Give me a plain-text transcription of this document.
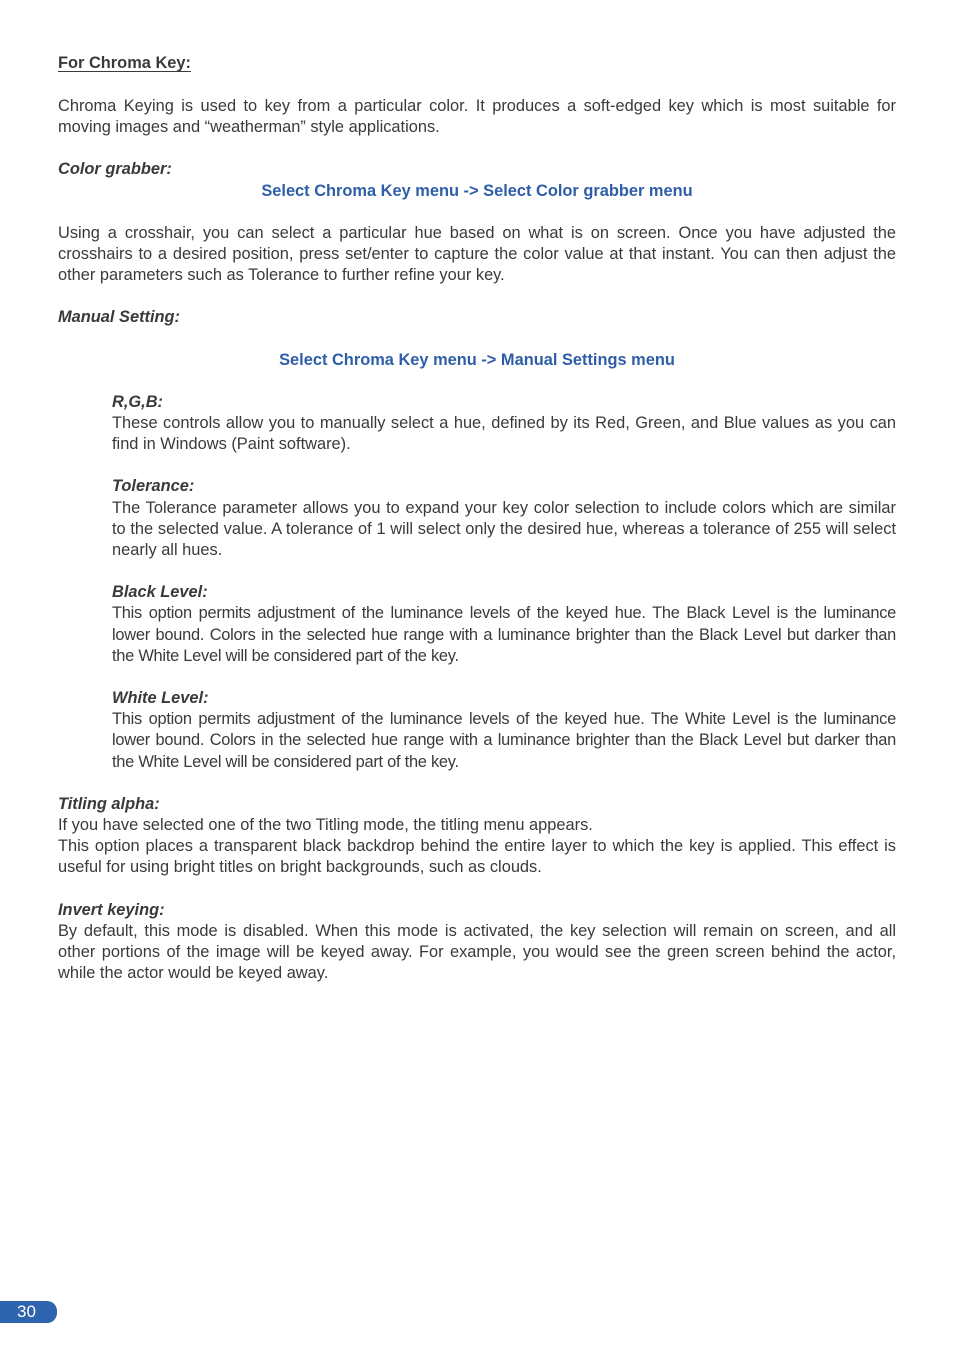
For Chroma Key:

Chroma Keying is used to key from a particular color. It produces a soft-edged key which is most suitable for moving images and “weatherman” style applications.

Color grabber:
Select Chroma Key menu -> Select Color grabber menu

Using a crosshair, you can select a particular hue based on what is on screen. Once you have adjusted the crosshairs to a desired position, press set/enter to capture the color value at that instant. You can then adjust the other parameters such as Tolerance to further refine your key.

Manual Setting:
Select Chroma Key menu -> Manual Settings menu
R,G,B:

These controls allow you to manually select a hue, defined by its Red, Green, and Blue values as you can find in Windows (Paint software).

Tolerance:

The Tolerance parameter allows you to expand your key color selection to include colors which are similar to the selected value. A tolerance of 1 will select only the desired hue, whereas a tolerance of 255 will select nearly all hues.

Black Level:

This option permits adjustment of the luminance levels of the keyed hue. The Black Level is the luminance lower bound. Colors in the selected hue range with a luminance brighter than the Black Level but darker than the White Level will be considered part of the key.

White Level:

This option permits adjustment of the luminance levels of the keyed hue. The White Level is the luminance lower bound. Colors in the selected hue range with a luminance brighter than the Black Level but darker than the White Level will be considered part of the key.

Titling alpha:

If you have selected one of the two Titling mode, the titling menu appears.

This option places a transparent black backdrop behind the entire layer to which the key is applied. This effect is useful for using bright titles on bright backgrounds, such as clouds.

Invert keying:

By default, this mode is disabled. When this mode is activated, the key selection will remain on screen, and all other portions of the image will be keyed away. For example, you would see the green screen behind the actor, while the actor would be keyed away.

30
